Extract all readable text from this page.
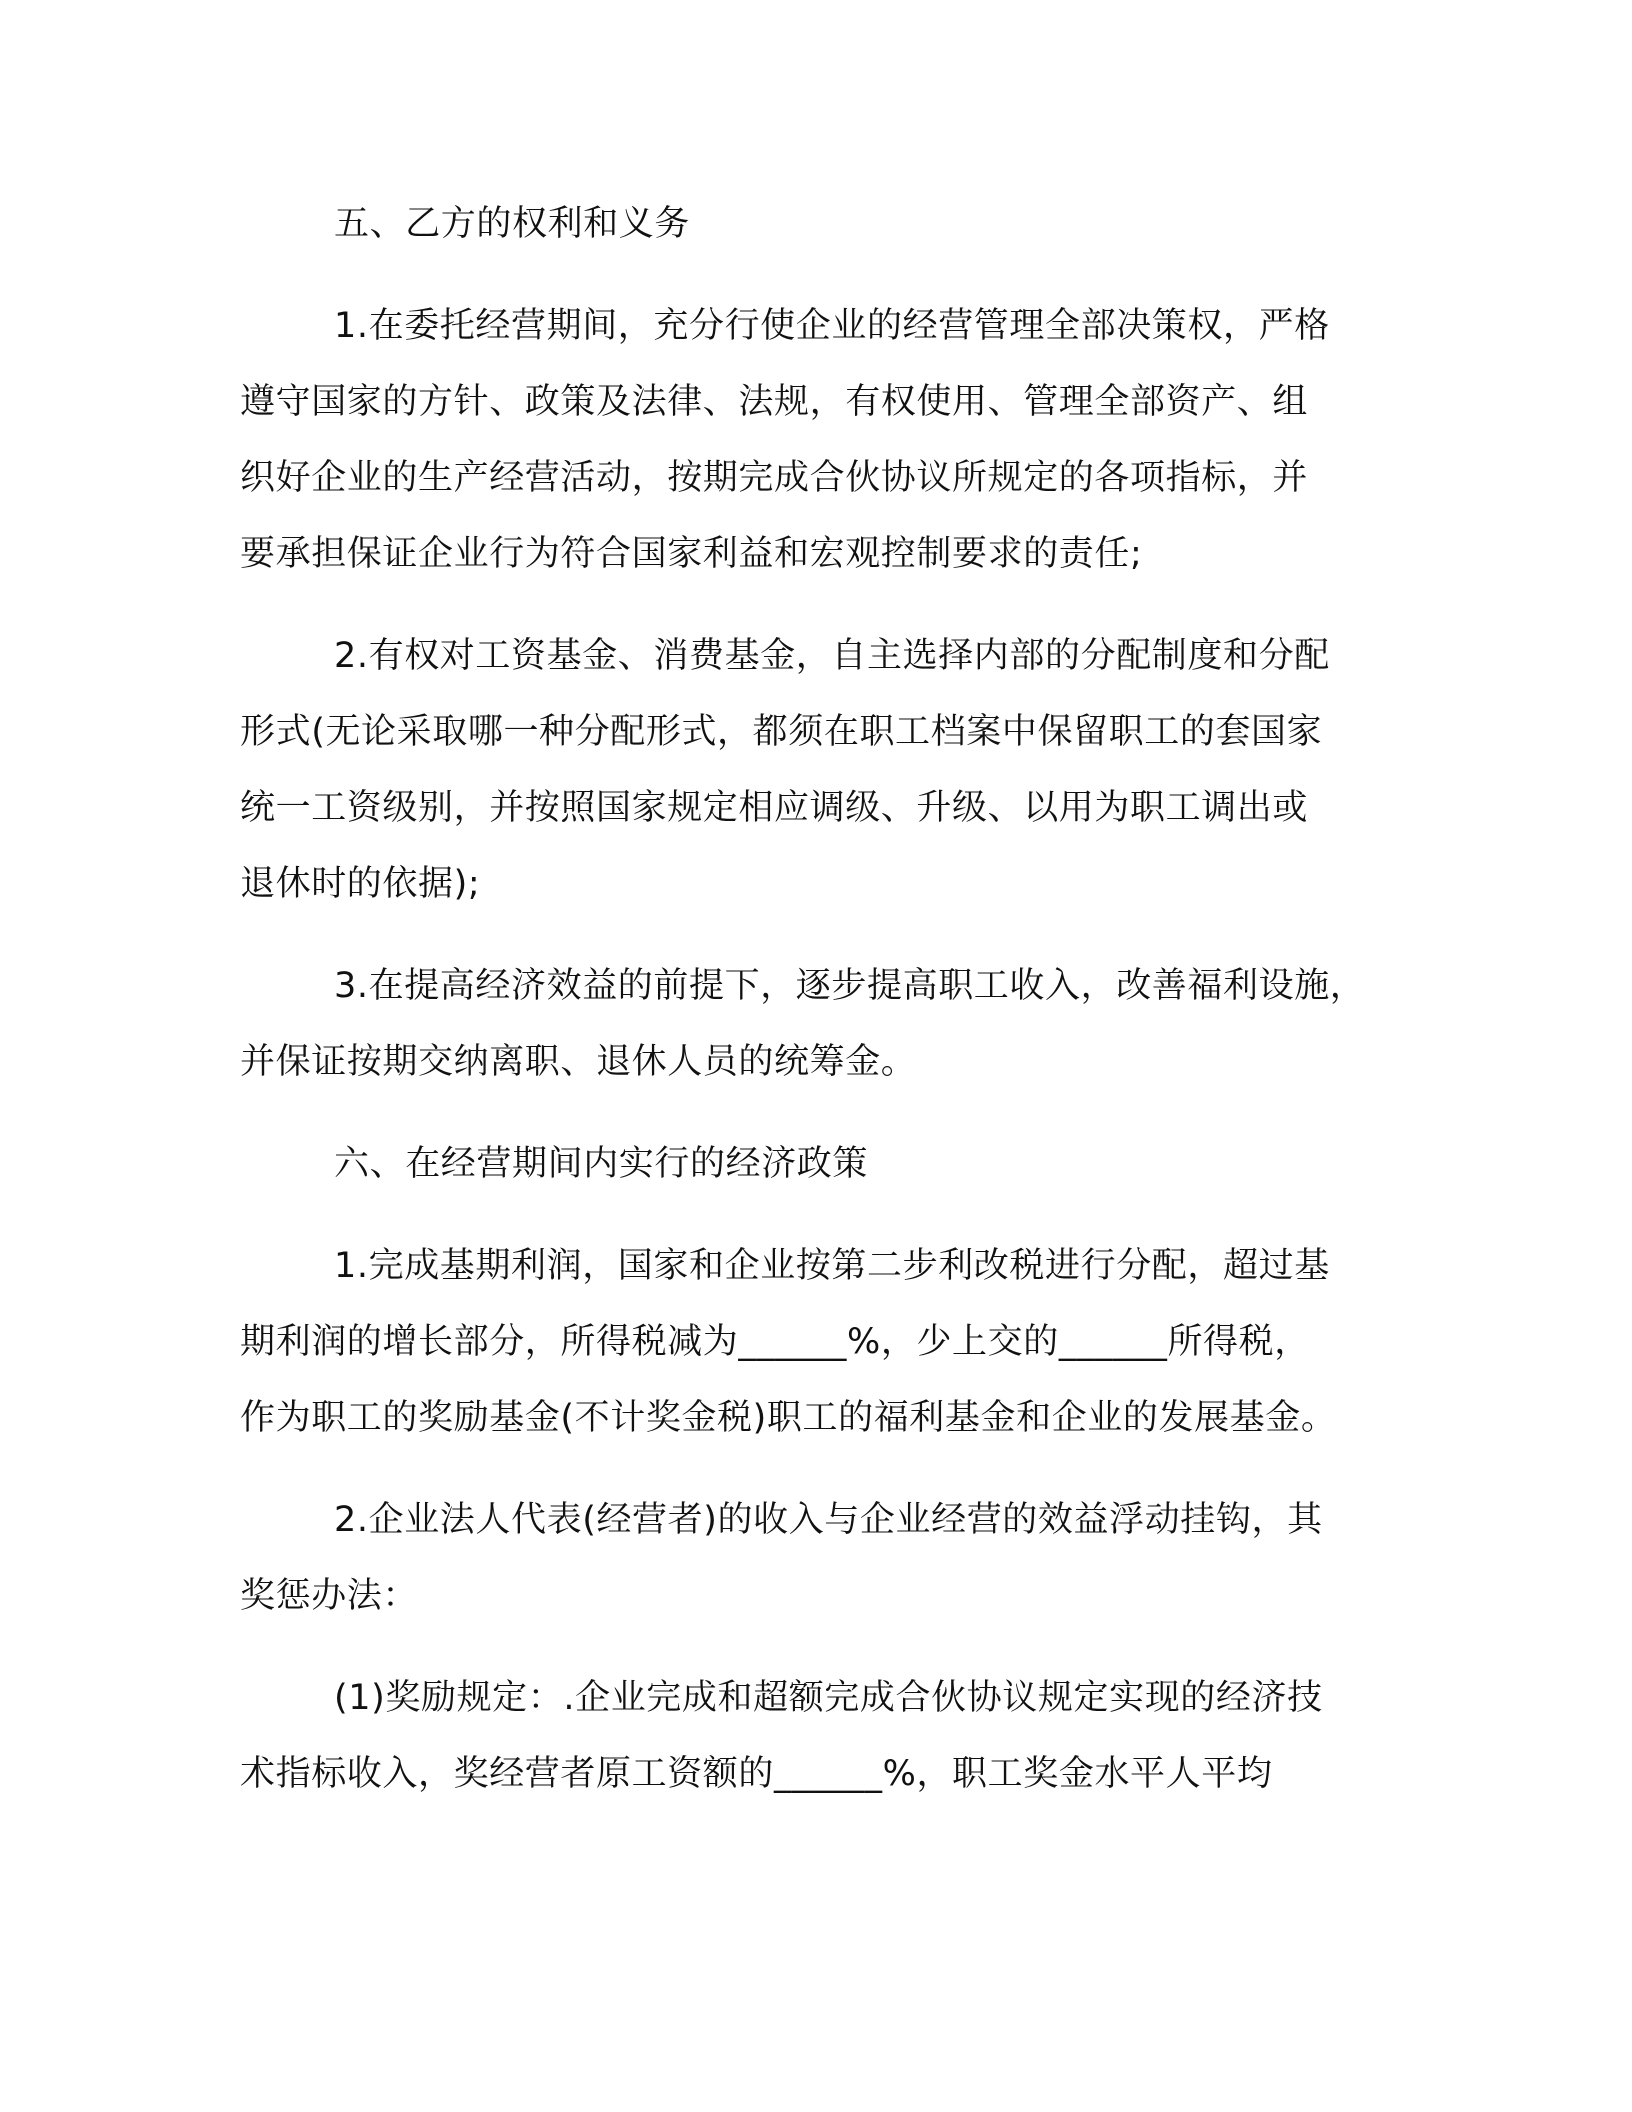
五、乙方的权利和义务

1.在委托经营期间，充分行使企业的经营管理全部决策权，严格
遵守国家的方针、政策及法律、法规，有权使用、管理全部资产、组
织好企业的生产经营活动，按期完成合伙协议所规定的各项指标，并
要承担保证企业行为符合国家利益和宏观控制要求的责任;

2.有权对工资基金、消费基金，自主选择内部的分配制度和分配
形式(无论采取哪一种分配形式，都须在职工档案中保留职工的套国家
统一工资级别，并按照国家规定相应调级、升级、以用为职工调出或
退休时的依据);

3.在提高经济效益的前提下，逐步提高职工收入，改善福利设施，
并保证按期交纳离职、退休人员的统筹金。

六、在经营期间内实行的经济政策

1.完成基期利润，国家和企业按第二步利改税进行分配，超过基
期利润的增长部分，所得税减为______%，少上交的______所得税，
作为职工的奖励基金(不计奖金税)职工的福利基金和企业的发展基金。

2.企业法人代表(经营者)的收入与企业经营的效益浮动挂钩，其
奖惩办法：

(1)奖励规定：.企业完成和超额完成合伙协议规定实现的经济技
术指标收入，奖经营者原工资额的______%，职工奖金水平人平均
